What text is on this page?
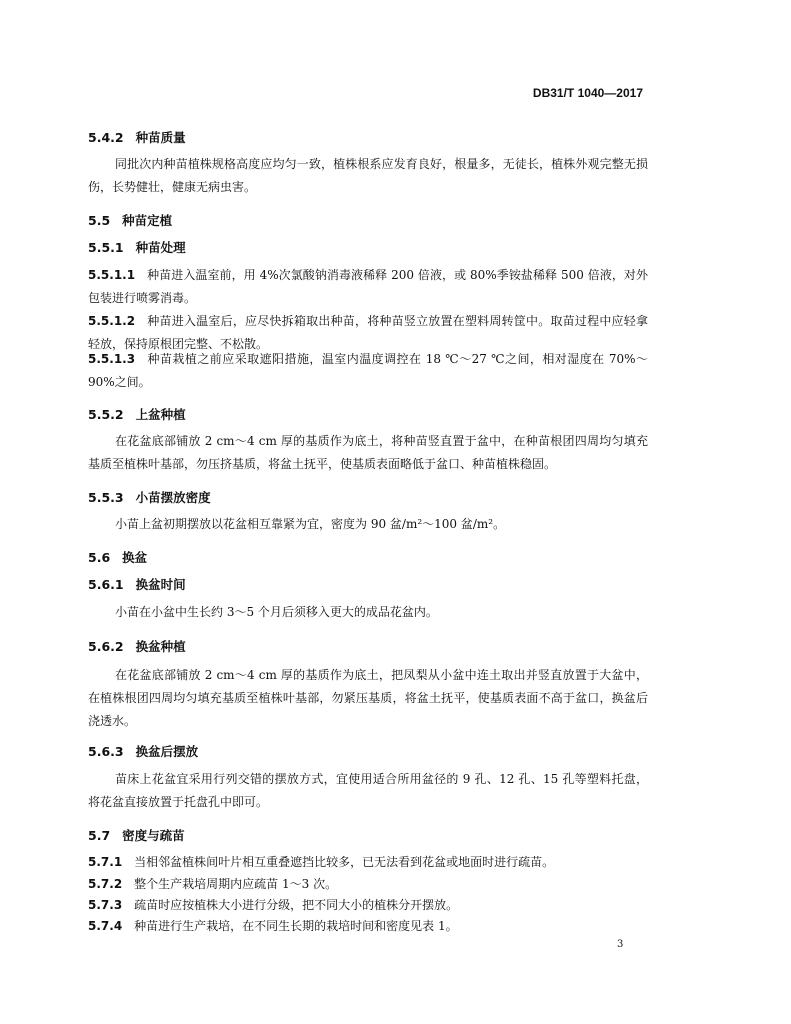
DB31/T 1040—2017
5.4.2 种苗质量
同批次内种苗植株规格高度应均匀一致，植株根系应发育良好，根量多，无徒长，植株外观完整无损伤，长势健壮，健康无病虫害。
5.5 种苗定植
5.5.1 种苗处理
5.5.1.1 种苗进入温室前，用 4%次氯酸钠消毒液稀释 200 倍液，或 80%季铵盐稀释 500 倍液，对外包装进行喷雾消毒。
5.5.1.2 种苗进入温室后，应尽快拆箱取出种苗，将种苗竖立放置在塑料周转筐中。取苗过程中应轻拿轻放，保持原根团完整、不松散。
5.5.1.3 种苗栽植之前应采取遮阳措施，温室内温度调控在 18 ℃～27 ℃之间，相对湿度在 70%～90%之间。
5.5.2 上盆种植
在花盆底部铺放 2 cm～4 cm 厚的基质作为底土，将种苗竖直置于盆中，在种苗根团四周均匀填充基质至植株叶基部，勿压挤基质，将盆土抚平，使基质表面略低于盆口、种苗植株稳固。
5.5.3 小苗摆放密度
小苗上盆初期摆放以花盆相互靠紧为宜，密度为 90 盆/m²～100 盆/m²。
5.6 换盆
5.6.1 换盆时间
小苗在小盆中生长约 3～5 个月后须移入更大的成品花盆内。
5.6.2 换盆种植
在花盆底部铺放 2 cm～4 cm 厚的基质作为底土，把凤梨从小盆中连土取出并竖直放置于大盆中，在植株根团四周均匀填充基质至植株叶基部，勿紧压基质，将盆土抚平，使基质表面不高于盆口，换盆后浇透水。
5.6.3 换盆后摆放
苗床上花盆宜采用行列交错的摆放方式，宜使用适合所用盆径的 9 孔、12 孔、15 孔等塑料托盘，将花盆直接放置于托盘孔中即可。
5.7 密度与疏苗
5.7.1 当相邻盆植株间叶片相互重叠遮挡比较多，已无法看到花盆或地面时进行疏苗。
5.7.2 整个生产栽培周期内应疏苗 1～3 次。
5.7.3 疏苗时应按植株大小进行分级，把不同大小的植株分开摆放。
5.7.4 种苗进行生产栽培，在不同生长期的栽培时间和密度见表 1。
3
